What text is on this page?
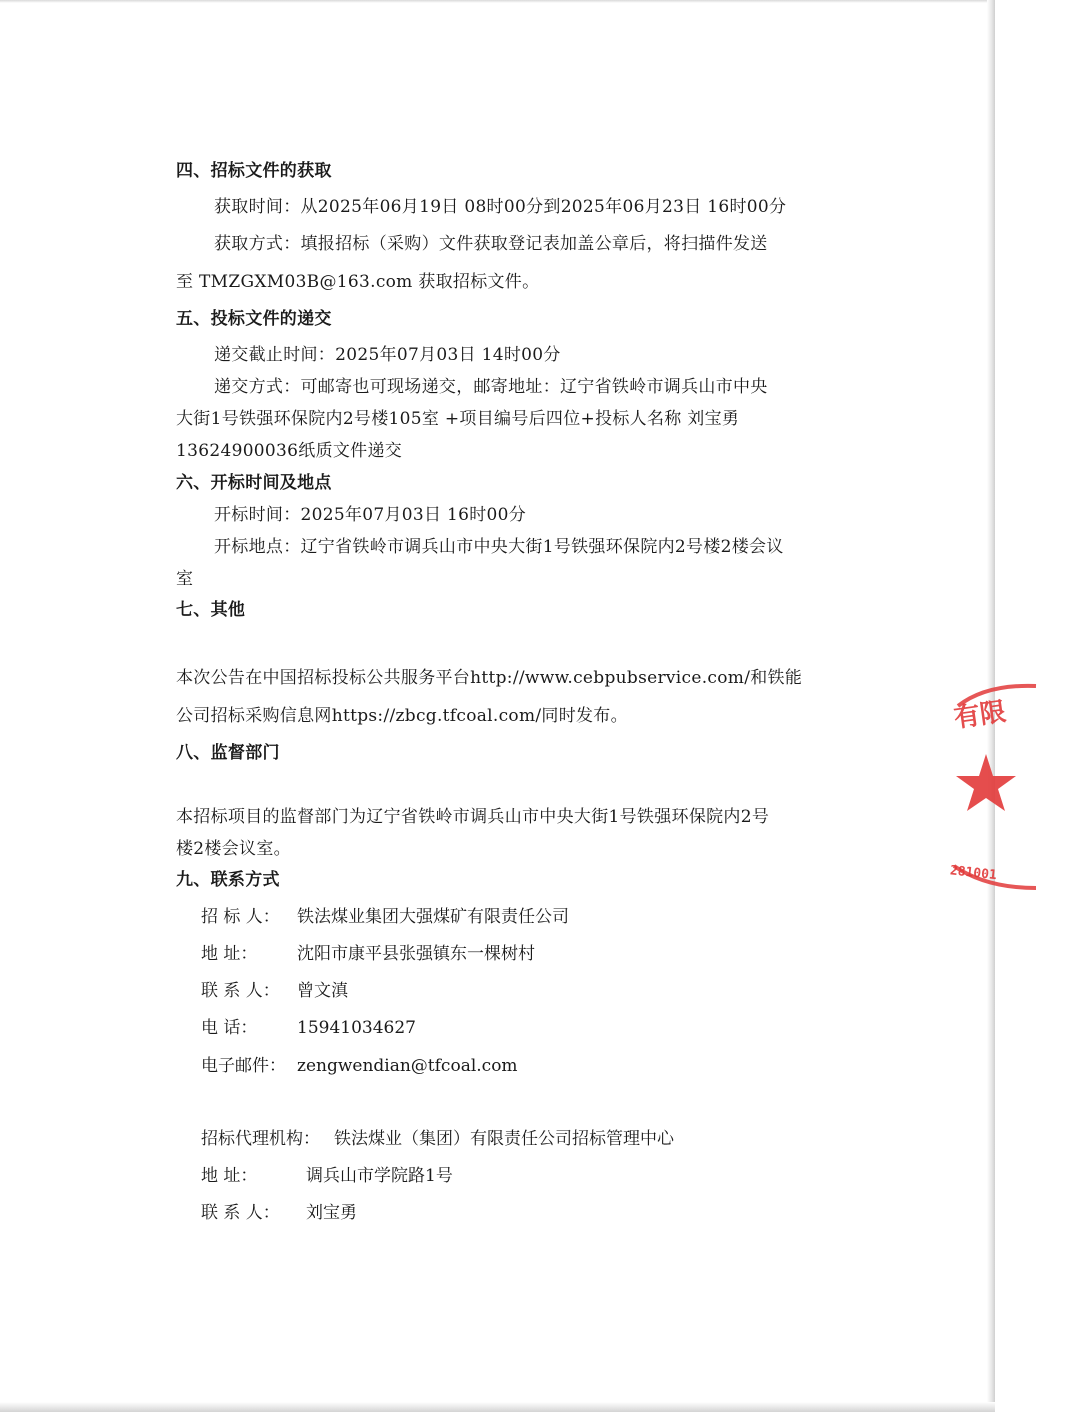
四、招标文件的获取
获取时间：从2025年06月19日 08时00分到2025年06月23日 16时00分
获取方式：填报招标（采购）文件获取登记表加盖公章后，将扫描件发送
至 TMZGXM03B@163.com 获取招标文件。
五、投标文件的递交
递交截止时间：2025年07月03日 14时00分
递交方式：可邮寄也可现场递交，邮寄地址：辽宁省铁岭市调兵山市中央
大街1号铁强环保院内2号楼105室 +项目编号后四位+投标人名称 刘宝勇
13624900036纸质文件递交
六、开标时间及地点
开标时间：2025年07月03日 16时00分
开标地点：辽宁省铁岭市调兵山市中央大街1号铁强环保院内2号楼2楼会议
室
七、其他
本次公告在中国招标投标公共服务平台http://www.cebpubservice.com/和铁能
公司招标采购信息网https://zbcg.tfcoal.com/同时发布。
八、监督部门
本招标项目的监督部门为辽宁省铁岭市调兵山市中央大街1号铁强环保院内2号
楼2楼会议室。
九、联系方式
招 标 人： 铁法煤业集团大强煤矿有限责任公司
地 址： 沈阳市康平县张强镇东一棵树村
联 系 人： 曾文滇
电 话： 15941034627
电子邮件： zengwendian@tfcoal.com
招标代理机构： 铁法煤业（集团）有限责任公司招标管理中心
地 址：	调兵山市学院路1号
联 系 人： 刘宝勇
有限
281001
